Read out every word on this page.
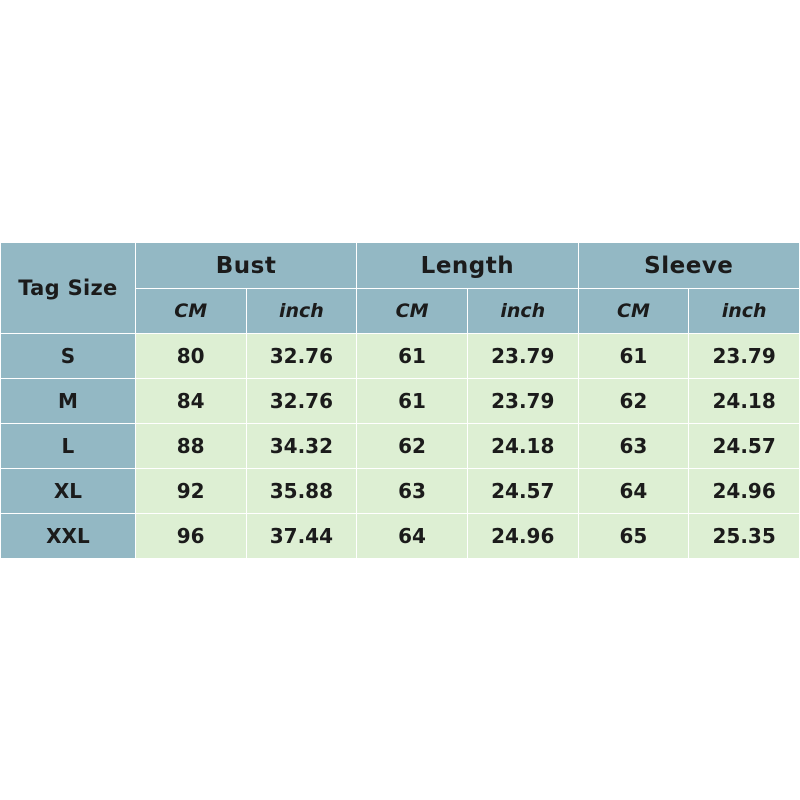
Tag Size	Bust		Length		Sleeve	
	CM	inch	CM	inch	CM	inch
S	80	32.76	61	23.79	61	23.79
M	84	32.76	61	23.79	62	24.18
L	88	34.32	62	24.18	63	24.57
XL	92	35.88	63	24.57	64	24.96
XXL	96	37.44	64	24.96	65	25.35
